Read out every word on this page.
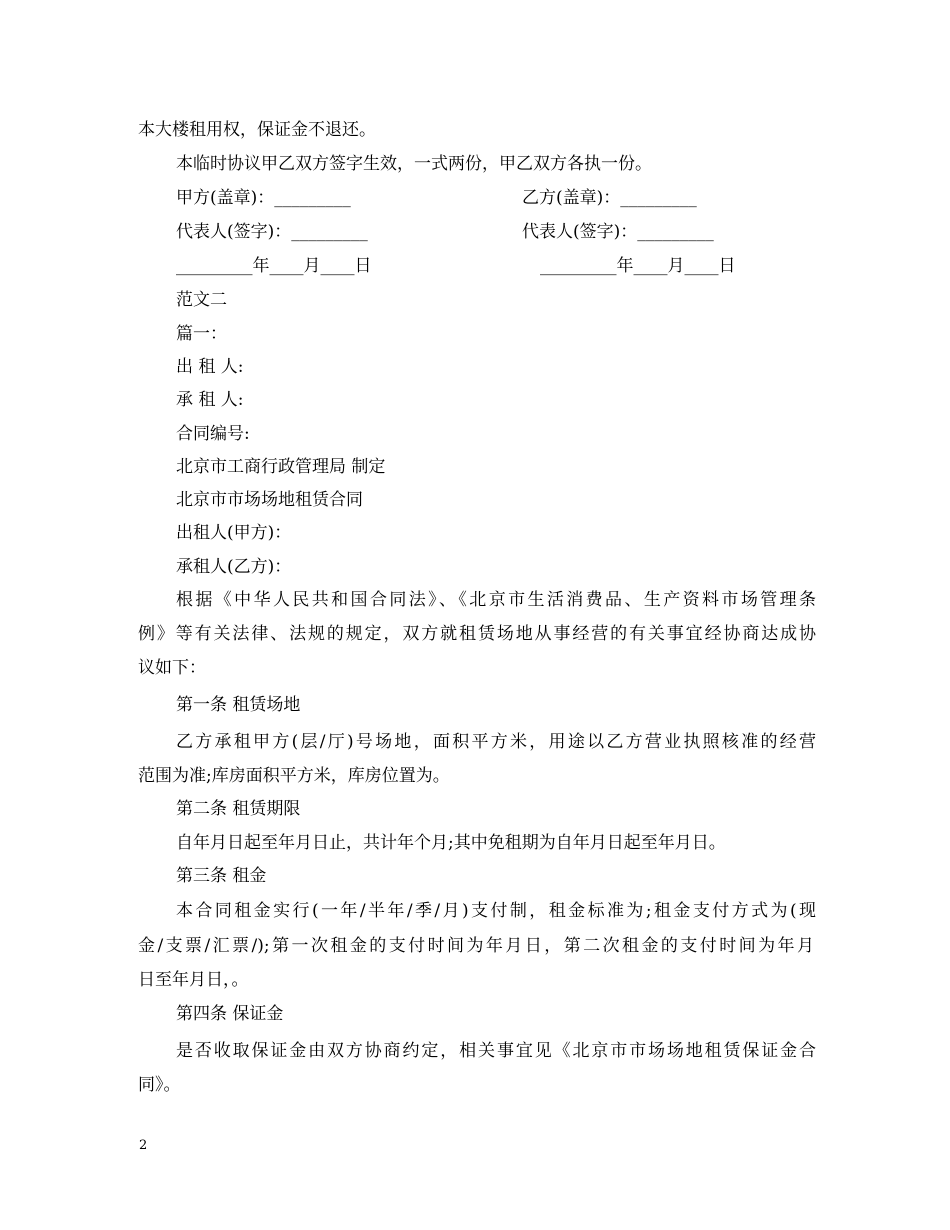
本大楼租用权，保证金不退还。
本临时协议甲乙双方签字生效，一式两份，甲乙双方各执一份。
甲方(盖章)：_________	乙方(盖章)：_________
代表人(签字)：_________	代表人(签字)：_________
_________年____月____日	_________年____月____日
范文二
篇一：
出 租 人:
承 租 人:
合同编号:
北京市工商行政管理局 制定
北京市市场场地租赁合同
出租人(甲方)：
承租人(乙方)：
根据《中华人民共和国合同法》、《北京市生活消费品、生产资料市场管理条
例》等有关法律、法规的规定，双方就租赁场地从事经营的有关事宜经协商达成协
议如下：
第一条 租赁场地
乙方承租甲方(层/厅)号场地，面积平方米，用途以乙方营业执照核准的经营
范围为准;库房面积平方米，库房位置为。
第二条 租赁期限
自年月日起至年月日止，共计年个月;其中免租期为自年月日起至年月日。
第三条 租金
本合同租金实行(一年/半年/季/月)支付制，租金标准为;租金支付方式为(现
金/支票/汇票/);第一次租金的支付时间为年月日，第二次租金的支付时间为年月
日至年月日，。
第四条 保证金
是否收取保证金由双方协商约定，相关事宜见《北京市市场场地租赁保证金合
同》。
2
